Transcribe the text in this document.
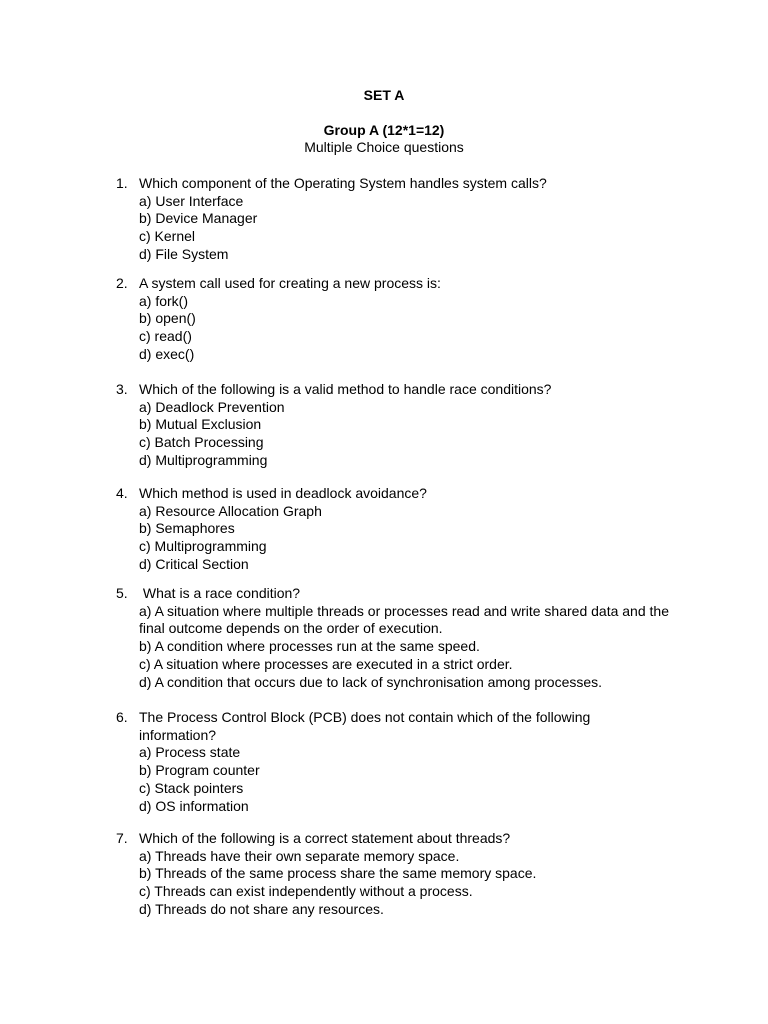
SET A
Group A (12*1=12)
Multiple Choice questions
1. Which component of the Operating System handles system calls?
a) User Interface
b) Device Manager
c) Kernel
d) File System
2. A system call used for creating a new process is:
a) fork()
b) open()
c) read()
d) exec()
3. Which of the following is a valid method to handle race conditions?
a) Deadlock Prevention
b) Mutual Exclusion
c) Batch Processing
d) Multiprogramming
4. Which method is used in deadlock avoidance?
a) Resource Allocation Graph
b) Semaphores
c) Multiprogramming
d) Critical Section
5. What is a race condition?
a) A situation where multiple threads or processes read and write shared data and the final outcome depends on the order of execution.
b) A condition where processes run at the same speed.
c) A situation where processes are executed in a strict order.
d) A condition that occurs due to lack of synchronisation among processes.
6. The Process Control Block (PCB) does not contain which of the following information?
a) Process state
b) Program counter
c) Stack pointers
d) OS information
7. Which of the following is a correct statement about threads?
a) Threads have their own separate memory space.
b) Threads of the same process share the same memory space.
c) Threads can exist independently without a process.
d) Threads do not share any resources.
